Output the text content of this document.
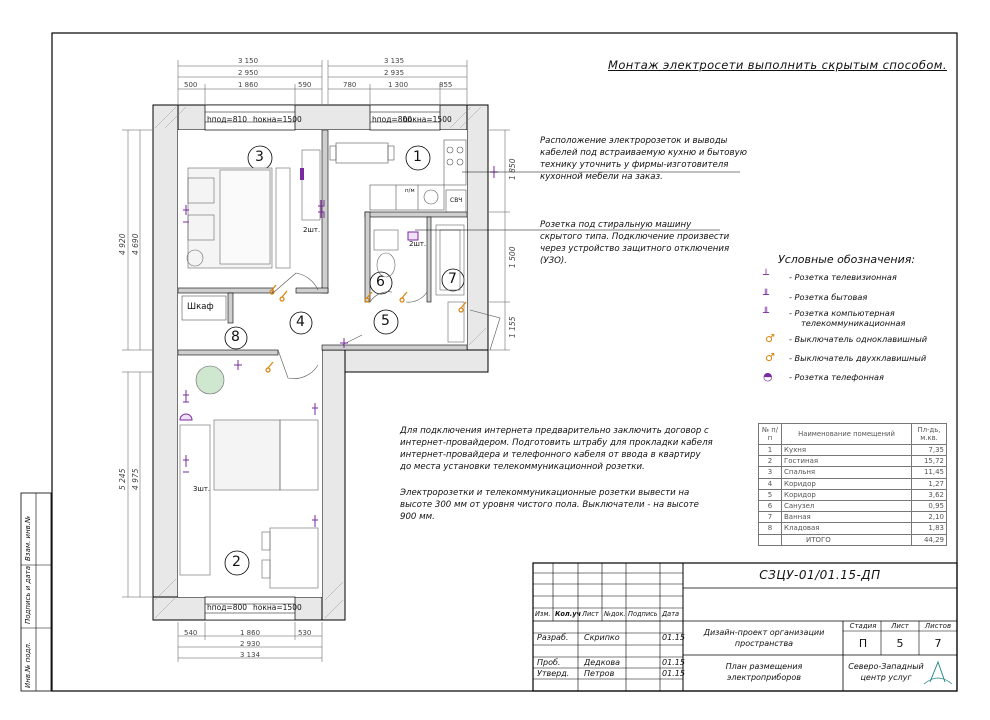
Монтаж электросети выполнить скрытым способом.
Расположение электророзеток и выводы
кабелей под встраиваемую кухню и бытовую
технику уточнить у фирмы-изготовителя
кухонной мебели на заказ.
Розетка под стиральную машину
скрытого типа. Подключение произвести
через устройство защитного отключения
(УЗО).
Для подключения интернета предварительно заключить договор с
интернет-провайдером. Подготовить штрабу для прокладки кабеля
интернет-провайдера и телефонного кабеля от ввода в квартиру
до места установки телекоммуникационной розетки.
Электророзетки и телекоммуникационные розетки вывести на
высоте 300 мм от уровня чистого пола. Выключатели - на высоте
900 мм.
Условные обозначения:
┴	- Розетка телевизионная
╨	- Розетка бытовая
╨	- Розетка компьютерная
телекоммуникационная
♂ - Выключатель одноклавишный
♂ - Выключатель двухклавишный
◓ - Розетка телефонная
№ п/п	Наименование помещений	Пл-дь, м.кв.
1	Кухня	7,35
2	Гостиная	15,72
3	Спальня	11,45
4	Коридор	1,27
5	Коридор	3,62
6	Санузел	0,95
7	Ванная	2,10
8	Кладовая	1,83
	ИТОГО	44,29
1
2
3
4	5
6	7
8
hпод=810 hокна=1500	hпод=800
hокна=1500
hпод=800 hокна=1500
Шкаф
2шт.
2шт.
3шт.
п/м
СВЧ
3 150
2 950
500	1 860	590
3 135
2 935
780	1 300	855
540	1 860	530
2 930
3 134
4 920 4 690
5 245 4 975
1 850
1 500
1 155
СЗЦУ-01/01.15-ДП
Изм. Кол.уч Лист №док. Подпись Дата
Разраб. Скрипко	01.15
Проб.	Дедкова	01.15
Утверд. Петров	01.15
Дизайн-проект организации
пространства
План размещения
электроприборов
Стадия	Лист	Листов
П	5	7
Северо-Западный
центр услуг
Взам. инв.№
Подпись и дата
Инв.№ подл.
